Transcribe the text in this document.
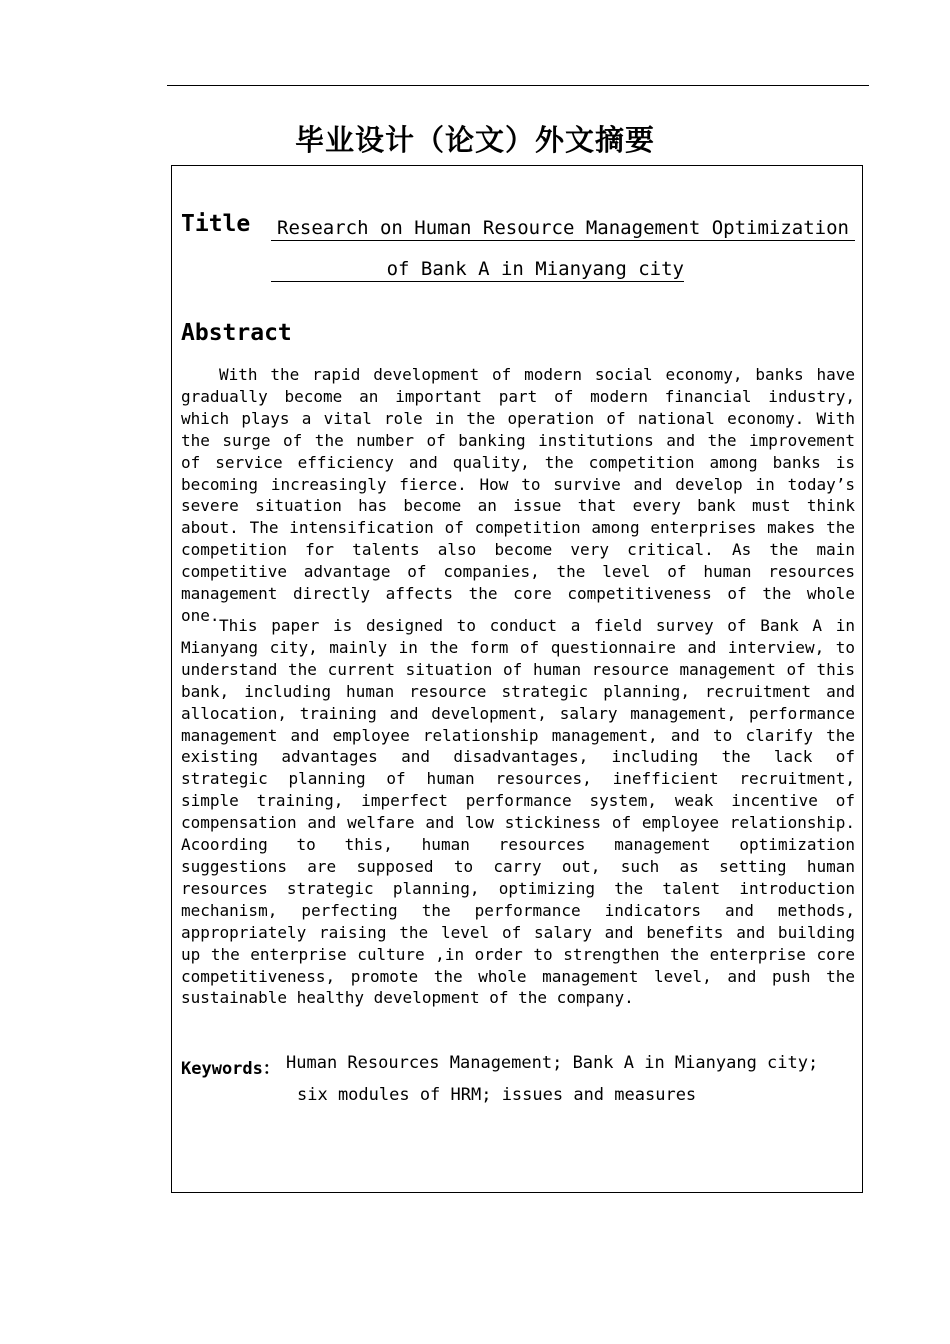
毕业设计（论文）外文摘要
Title	Research on Human Resource Management Optimization
of Bank A in Mianyang city
Abstract

With the rapid development of modern social economy, banks have gradually become an important part of modern financial industry, which plays a vital role in the operation of national economy. With the surge of the number of banking institutions and the improvement of service efficiency and quality, the competition among banks is becoming increasingly fierce. How to survive and develop in today’s severe situation has become an issue that every bank must think about. The intensification of competition among enterprises makes the competition for talents also become very critical. As the main competitive advantage of companies, the level of human resources management directly affects the core competitiveness of the whole one.

This paper is designed to conduct a field survey of Bank A in Mianyang city, mainly in the form of questionnaire and interview, to understand the current situation of human resource management of this bank, including human resource strategic planning, recruitment and allocation, training and development, salary management, performance management and employee relationship management, and to clarify the existing advantages and disadvantages, including the lack of strategic planning of human resources, inefficient recruitment, simple training, imperfect performance system, weak incentive of compensation and welfare and low stickiness of employee relationship. Acoording to this, human resources management optimization suggestions are supposed to carry out, such as setting human resources strategic planning, optimizing the talent introduction mechanism, perfecting the performance indicators and methods, appropriately raising the level of salary and benefits and building up the enterprise culture ,in order to strengthen the enterprise core competitiveness, promote the whole management level, and push the sustainable healthy development of the company.

Keywords： Human Resources Management; Bank A in Mianyang city;
six modules of HRM; issues and measures
